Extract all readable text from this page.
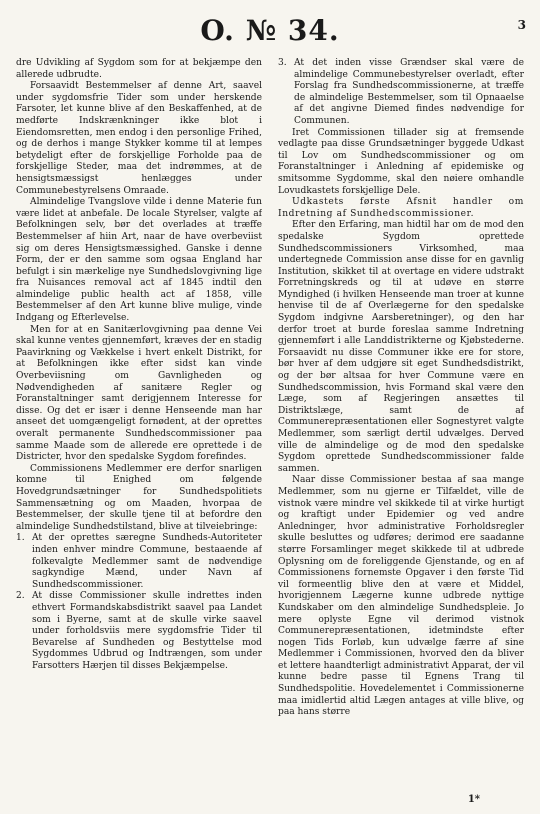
O. № 34.	3

dre Udvikling af Sygdom som for at bekjæmpe den allerede udbrudte.

Forsaavidt Bestemmelser af denne Art, saavel under sygdomsfrie Tider som under herskende Farsoter, let kunne blive af den Beskaffenhed, at de medførte Indskrænkninger ikke blot i Eiendomsretten, men endog i den personlige Frihed, og de derhos i mange Stykker komme til at lempes betydeligt efter de forskjellige Forholde paa de forskjellige Steder, maa det indrømmes, at de hensigtsmæssigst henlægges under Communebestyrelsens Omraade.

Almindelige Tvangslove vilde i denne Materie fun være lidet at anbefale. De locale Styrelser, valgte af Befolkningen selv, bør det overlades at træffe Bestemmelser af hiin Art, naar de have overbeviist sig om deres Hensigtsmæssighed. Ganske i denne Form, der er den samme som ogsaa England har befulgt i sin mærkelige nye Sundhedslovgivning lige fra Nuisances removal act af 1845 indtil den almindelige public health act af 1858, ville Bestemmelser af den Art kunne blive mulige, vinde Indgang og Efterlevelse.

Men for at en Sanitærlovgivning paa denne Vei skal kunne ventes gjennemført, kræves der en stadig Paavirkning og Vækkelse i hvert enkelt Distrikt, for at Befolkningen ikke efter sidst kan vinde Overbeviisning om Gavnligheden og Nødvendigheden af sanitære Regler og Foranstaltninger samt derigjennem Interesse for disse. Og det er især i denne Henseende man har anseet det uomgængeligt fornødent, at der oprettes overalt permanente Sundhedscommissioner paa samme Maade som de allerede ere oprettede i de Districter, hvor den spedalske Sygdom forefindes.

Commissionens Medlemmer ere derfor snarligen komne til Enighed om følgende Hovedgrundsætninger for Sundhedspolitiets Sammensætning og om Maaden, hvorpaa de Bestemmelser, der skulle tjene til at befordre den almindelige Sundhedstilstand, blive at tilveiebringe:

1. At der oprettes særegne Sundheds-Autoriteter inden enhver mindre Commune, bestaaende af folkevalgte Medlemmer samt de nødvendige sagkyndige Mænd, under Navn af Sundhedscommissioner.
2. At disse Commissioner skulle indrettes inden ethvert Formandskabsdistrikt saavel paa Landet som i Byerne, samt at de skulle virke saavel under forholdsviis mere sygdomsfrie Tider til Bevarelse af Sundheden og Bestyttelse mod Sygdommes Udbrud og Indtrængen, som under Farsotters Hærjen til disses Bekjæmpelse.
3. At det inden visse Grændser skal være de almindelige Communebestyrelser overladt, efter Forslag fra Sundhedscommissionerne, at træffe de almindelige Bestemmelser, som til Opnaaelse af det angivne Diemed findes nødvendige for Communen.

Iret Commissionen tillader sig at fremsende vedlagte paa disse Grundsætninger byggede Udkast til Lov om Sundhedscommissioner og om Foranstaltninger i Anledning af epidemiske og smitsomme Sygdomme, skal den nøiere omhandle Lovudkastets forskjellige Dele.

Udkastets første Afsnit handler om Indretning af Sundhedscommissioner.

Efter den Erfaring, man hidtil har om de mod den spedalske Sygdom oprettede Sundhedscommissioners Virksomhed, maa undertegnede Commission anse disse for en gavnlig Institution, skikket til at overtage en videre udstrakt Forretningskreds og til at udøve en større Myndighed (i hvilken Henseende man troer at kunne henvise til de af Overlægerne for den spedalske Sygdom indgivne Aarsberetninger), og den har derfor troet at burde foreslaa samme Indretning gjennemført i alle Landdistrikterne og Kjøbstederne. Forsaavidt nu disse Communer ikke ere for store, bør hver af dem udgjøre sit eget Sundhedsdistrikt, og der bør altsaa for hver Commune være en Sundhedscommission, hvis Formand skal være den Læge, som af Regjeringen ansættes til Distriktslæge, samt de af Communerepræsentationen eller Sognestyret valgte Medlemmer, som særligt dertil udvælges. Derved ville de almindelige og de mod den spedalske Sygdom oprettede Sundhedscommissioner falde sammen.

Naar disse Commissioner bestaa af saa mange Medlemmer, som nu gjerne er Tilfældet, ville de vistnok være mindre vel skikkede til at virke hurtigt og kraftigt under Epidemier og ved andre Anledninger, hvor administrative Forholdsregler skulle besluttes og udføres; derimod ere saadanne større Forsamlinger meget skikkede til at udbrede Oplysning om de foreliggende Gjenstande, og en af Commissionens fornemste Opgaver i den første Tid vil formeentlig blive den at være et Middel, hvorigjennem Lægerne kunne udbrede nyttige Kundskaber om den almindelige Sundhedspleie. Jo mere oplyste Egne vil derimod vistnok Communerepræsentationen, idetmindste efter nogen Tids Forløb, kun udvælge færre af sine Medlemmer i Commissionen, hvorved den da bliver et lettere haandterligt administrativt Apparat, der vil kunne bedre passe til Egnens Trang til Sundhedspolitie. Hovedelementet i Commissionerne maa imidlertid altid Lægen antages at ville blive, og paa hans større

1*
